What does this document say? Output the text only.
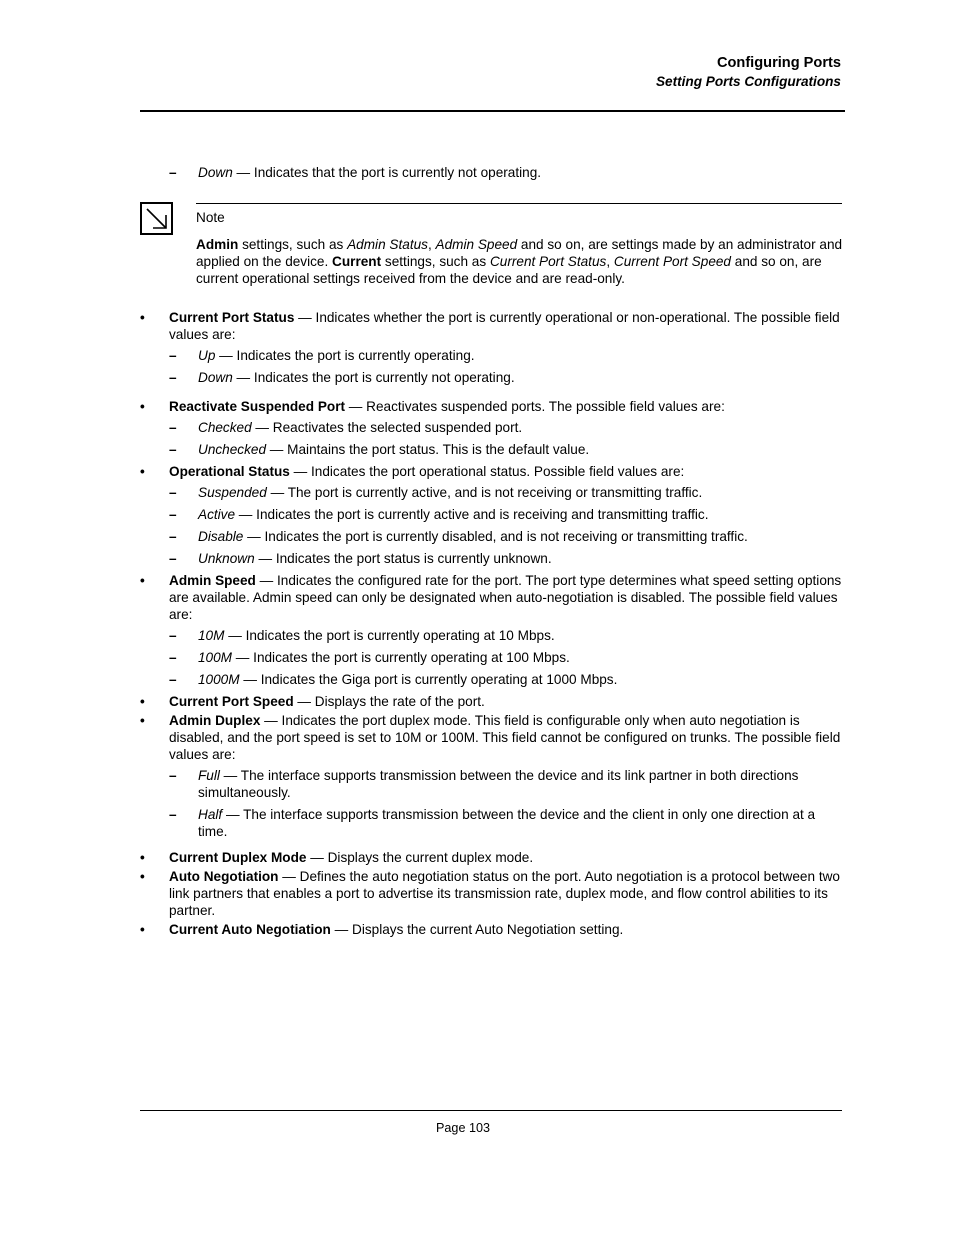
Configuring Ports
Setting Ports Configurations
– Down — Indicates that the port is currently not operating.
Note
Admin settings, such as Admin Status, Admin Speed and so on, are settings made by an administrator and applied on the device. Current settings, such as Current Port Status, Current Port Speed and so on, are current operational settings received from the device and are read-only.
• Current Port Status — Indicates whether the port is currently operational or non-operational. The possible field values are:
– Up — Indicates the port is currently operating.
– Down — Indicates the port is currently not operating.
• Reactivate Suspended Port — Reactivates suspended ports. The possible field values are:
– Checked — Reactivates the selected suspended port.
– Unchecked — Maintains the port status. This is the default value.
• Operational Status — Indicates the port operational status. Possible field values are:
– Suspended — The port is currently active, and is not receiving or transmitting traffic.
– Active — Indicates the port is currently active and is receiving and transmitting traffic.
– Disable — Indicates the port is currently disabled, and is not receiving or transmitting traffic.
– Unknown — Indicates the port status is currently unknown.
• Admin Speed — Indicates the configured rate for the port. The port type determines what speed setting options are available. Admin speed can only be designated when auto-negotiation is disabled. The possible field values are:
– 10M — Indicates the port is currently operating at 10 Mbps.
– 100M — Indicates the port is currently operating at 100 Mbps.
– 1000M — Indicates the Giga port is currently operating at 1000 Mbps.
• Current Port Speed — Displays the rate of the port.
• Admin Duplex — Indicates the port duplex mode. This field is configurable only when auto negotiation is disabled, and the port speed is set to 10M or 100M. This field cannot be configured on trunks. The possible field values are:
– Full — The interface supports transmission between the device and its link partner in both directions simultaneously.
– Half — The interface supports transmission between the device and the client in only one direction at a time.
• Current Duplex Mode — Displays the current duplex mode.
• Auto Negotiation — Defines the auto negotiation status on the port. Auto negotiation is a protocol between two link partners that enables a port to advertise its transmission rate, duplex mode, and flow control abilities to its partner.
• Current Auto Negotiation — Displays the current Auto Negotiation setting.
Page 103
